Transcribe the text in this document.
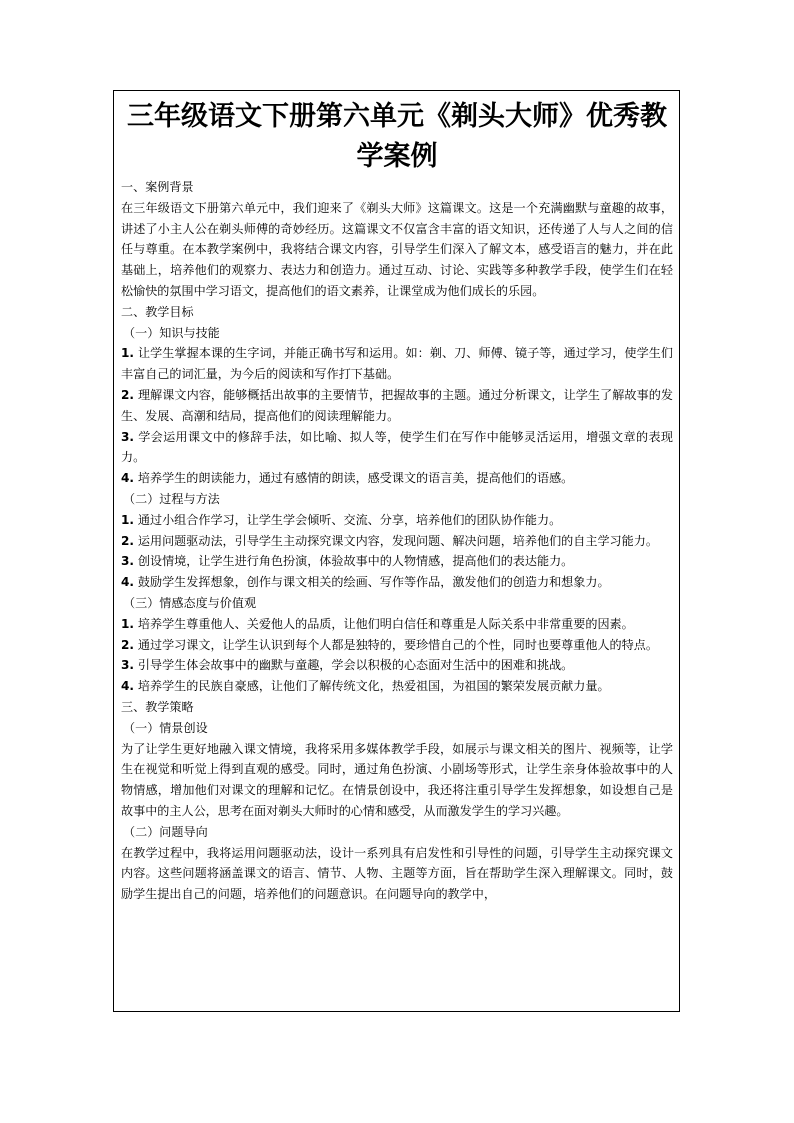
三年级语文下册第六单元《剃头大师》优秀教学案例

一、案例背景

在三年级语文下册第六单元中，我们迎来了《剃头大师》这篇课文。这是一个充满幽默与童趣的故事，讲述了小主人公在剃头师傅的奇妙经历。这篇课文不仅富含丰富的语文知识，还传递了人与人之间的信任与尊重。在本教学案例中，我将结合课文内容，引导学生们深入了解文本，感受语言的魅力，并在此基础上，培养他们的观察力、表达力和创造力。通过互动、讨论、实践等多种教学手段，使学生们在轻松愉快的氛围中学习语文，提高他们的语文素养，让课堂成为他们成长的乐园。

二、教学目标

（一）知识与技能

1. 让学生掌握本课的生字词，并能正确书写和运用。如：剃、刀、师傅、镜子等，通过学习，使学生们丰富自己的词汇量，为今后的阅读和写作打下基础。

2. 理解课文内容，能够概括出故事的主要情节，把握故事的主题。通过分析课文，让学生了解故事的发生、发展、高潮和结局，提高他们的阅读理解能力。

3. 学会运用课文中的修辞手法，如比喻、拟人等，使学生们在写作中能够灵活运用，增强文章的表现力。

4. 培养学生的朗读能力，通过有感情的朗读，感受课文的语言美，提高他们的语感。

（二）过程与方法

1. 通过小组合作学习，让学生学会倾听、交流、分享，培养他们的团队协作能力。

2. 运用问题驱动法，引导学生主动探究课文内容，发现问题、解决问题，培养他们的自主学习能力。

3. 创设情境，让学生进行角色扮演，体验故事中的人物情感，提高他们的表达能力。

4. 鼓励学生发挥想象，创作与课文相关的绘画、写作等作品，激发他们的创造力和想象力。

（三）情感态度与价值观

1. 培养学生尊重他人、关爱他人的品质，让他们明白信任和尊重是人际关系中非常重要的因素。

2. 通过学习课文，让学生认识到每个人都是独特的，要珍惜自己的个性，同时也要尊重他人的特点。

3. 引导学生体会故事中的幽默与童趣，学会以积极的心态面对生活中的困难和挑战。

4. 培养学生的民族自豪感，让他们了解传统文化，热爱祖国，为祖国的繁荣发展贡献力量。

三、教学策略

（一）情景创设

为了让学生更好地融入课文情境，我将采用多媒体教学手段，如展示与课文相关的图片、视频等，让学生在视觉和听觉上得到直观的感受。同时，通过角色扮演、小剧场等形式，让学生亲身体验故事中的人物情感，增加他们对课文的理解和记忆。在情景创设中，我还将注重引导学生发挥想象，如设想自己是故事中的主人公，思考在面对剃头大师时的心情和感受，从而激发学生的学习兴趣。

（二）问题导向

在教学过程中，我将运用问题驱动法，设计一系列具有启发性和引导性的问题，引导学生主动探究课文内容。这些问题将涵盖课文的语言、情节、人物、主题等方面，旨在帮助学生深入理解课文。同时，鼓励学生提出自己的问题，培养他们的问题意识。在问题导向的教学中，
